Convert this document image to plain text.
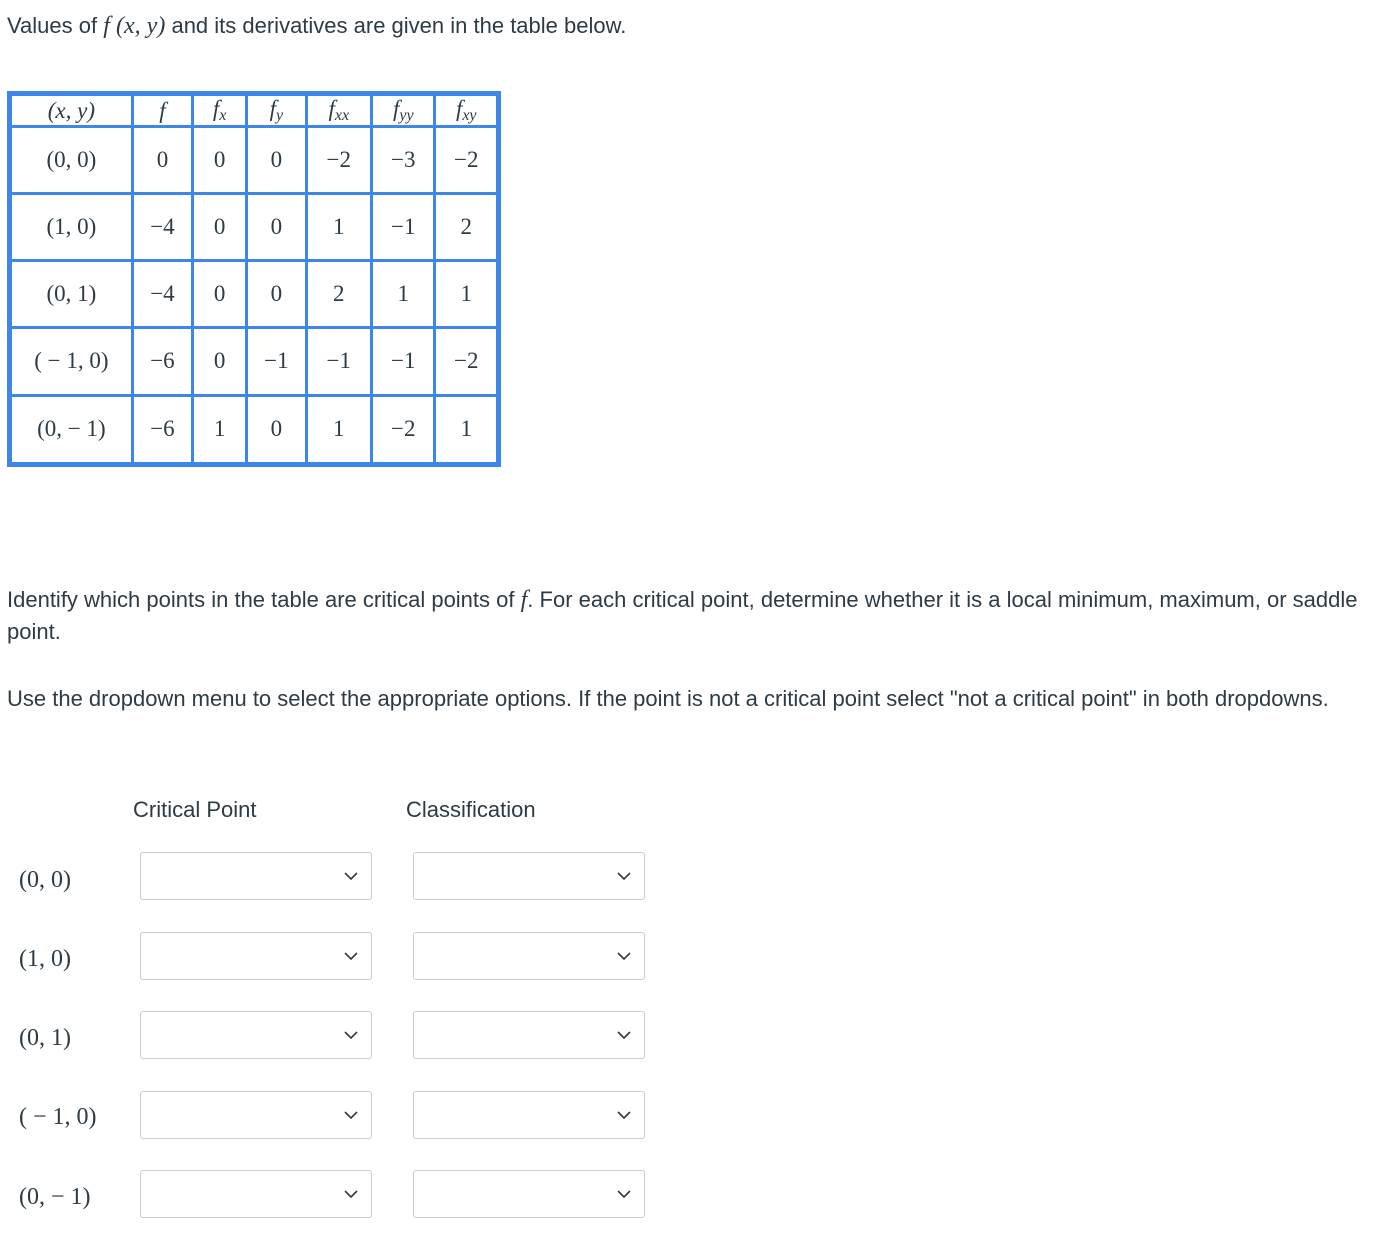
Values of f (x, y) and its derivatives are given in the table below.
(x, y)	f	$f_x$	$f_y$	$f_{xx}$	$f_{yy}$	$f_{xy}$
(0, 0)	0	0	0	−2	−3	−2
(1, 0)	−4	0	0	1	−1	2
(0, 1)	−4	0	0	2	1	1
( − 1, 0)	−6	0	−1	−1	−1	−2
(0, − 1)	−6	1	0	1	−2	1
Identify which points in the table are critical points of f. For each critical point, determine whether it is a local minimum, maximum, or saddle point.
Use the dropdown menu to select the appropriate options. If the point is not a critical point select "not a critical point" in both dropdowns.
Critical Point	Classification
(0, 0)
(1, 0)
(0, 1)
( − 1, 0)
(0, − 1)
